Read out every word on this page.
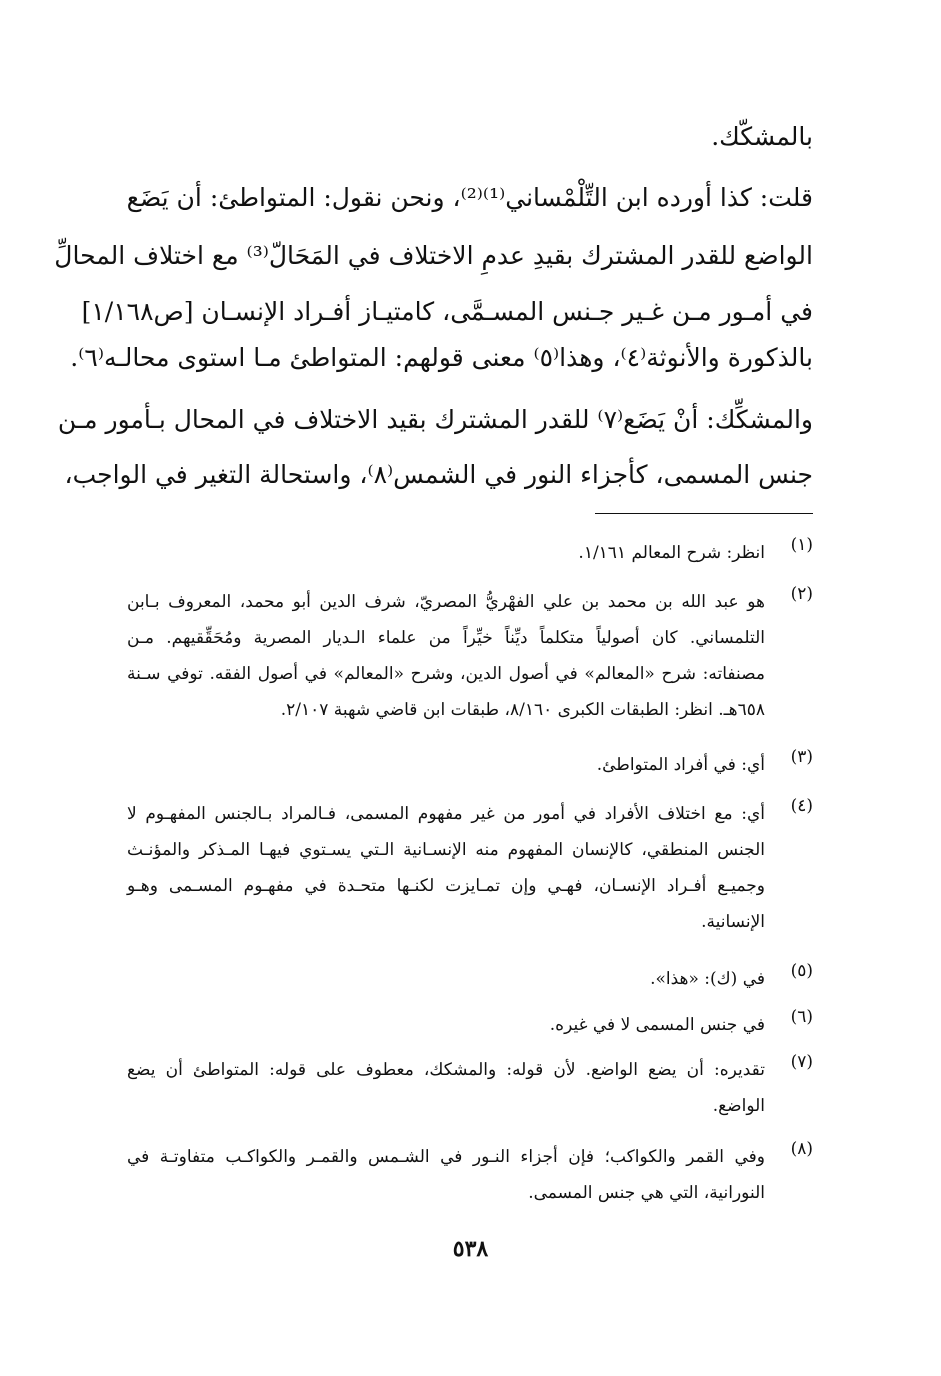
بالمشكّك.
قلت: كذا أورده ابن التِّلْمْساني⁽¹⁾⁽²⁾، ونحن نقول: المتواطئ: أن يَضَع
الواضع للقدر المشترك بقيدِ عدمِ الاختلاف في المَحَالّ⁽³⁾ مع اختلاف المحالِّ
في أمـور مـن غـير جـنس المسـمَّى، كامتيـاز أفـراد الإنسـان [ص١/١٦٨]
بالذكورة والأنوثة⁽٤⁾، وهذا⁽٥⁾ معنى قولهم: المتواطئ مـا استوى محالـه⁽٦⁾.
والمشكِّك: أنْ يَضَع⁽٧⁾ للقدر المشترك بقيد الاختلاف في المحال بـأمور مـن
جنس المسمى، كأجزاء النور في الشمس⁽٨⁾، واستحالة التغير في الواجب،
(١)
انظر: شرح المعالم ١/١٦١.
(٢)
هو عبد الله بن محمد بن علي الفهْريُّ المصريّ، شرف الدين أبو محمد، المعروف بـابن
التلمساني. كان أصولياً متكلماً ديِّناً خيِّراً من علماء الـديار المصرية ومُحَقِّقيهم. مـن
مصنفاته: شرح «المعالم» في أصول الدين، وشرح «المعالم» في أصول الفقه. توفي سـنة
٦٥٨هـ. انظر: الطبقات الكبرى ٨/١٦٠، طبقات ابن قاضي شهبة ٢/١٠٧.
(٣)
أي: في أفراد المتواطئ.
(٤)
أي: مع اختلاف الأفراد في أمور من غير مفهوم المسمى، فـالمراد بـالجنس المفهـوم لا
الجنس المنطقي، كالإنسان المفهوم منه الإنسـانية الـتي يسـتوي فيهـا المـذكر والمؤنـث
وجميـع أفـراد الإنسـان، فهـي وإن تمـايزت لكنـها متحـدة في مفهـوم المسـمى وهـو
الإنسانية.
(٥)
في (ك): «هذا».
(٦)
في جنس المسمى لا في غيره.
(٧)
تقديره: أن يضع الواضع. لأن قوله: والمشكك، معطوف على قوله: المتواطئ أن يضع
الواضع.
(٨)
وفي القمر والكواكب؛ فإن أجزاء النـور في الشـمس والقمـر والكواكـب متفاوتـة في
النورانية، التي هي جنس المسمى.
٥٣٨
